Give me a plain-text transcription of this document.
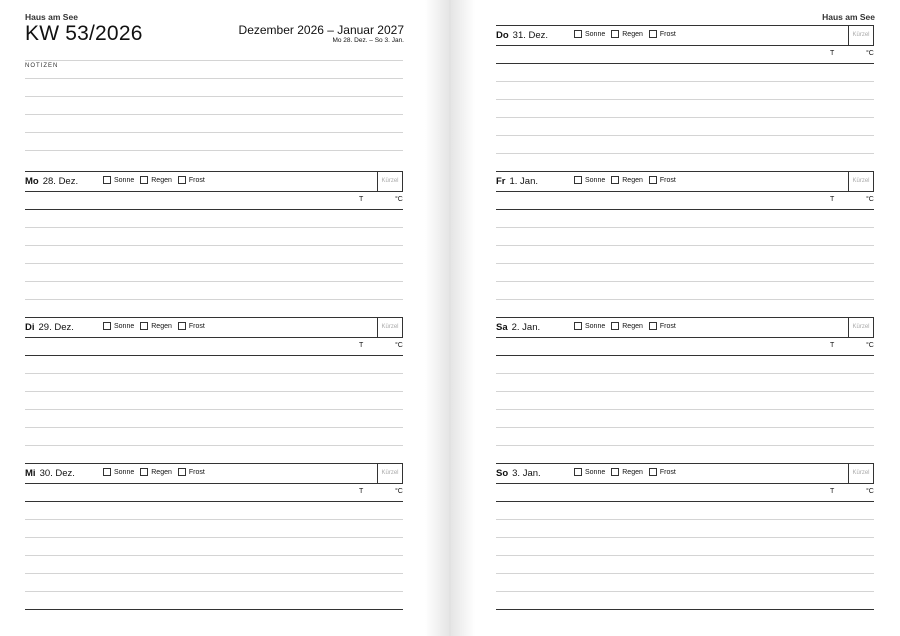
Haus am See
KW 53/2026	Dezember 2026 – Januar 2027
Mo 28. Dez. – So 3. Jan.
NOTIZEN
Mo 28. Dez.	Sonne Regen Frost	Kürzel
T	°C
Di 29. Dez.	Sonne Regen Frost	Kürzel
T	°C
Mi 30. Dez.	Sonne Regen Frost	Kürzel
T	°C
Haus am See
Do 31. Dez.	Sonne Regen Frost	Kürzel
T	°C
Fr 1. Jan.	Sonne Regen Frost	Kürzel
T	°C
Sa 2. Jan.	Sonne Regen Frost	Kürzel
T	°C
So 3. Jan.	Sonne Regen Frost	Kürzel
T	°C
